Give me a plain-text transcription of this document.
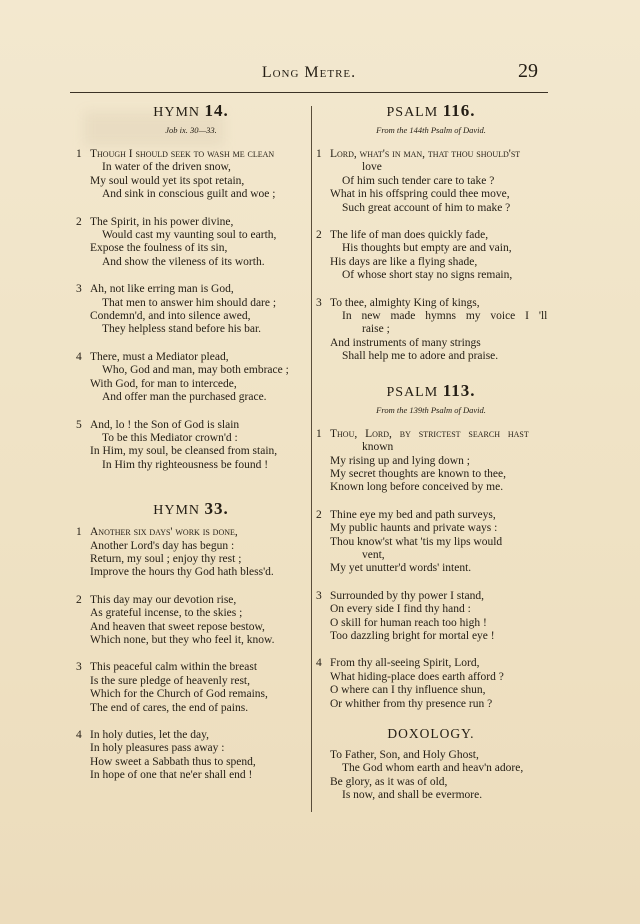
Long Metre.	29
HYMN 14.
Job ix. 30—33.
1 Though I should seek to wash me clean
In water of the driven snow,
My soul would yet its spot retain,
And sink in conscious guilt and woe ;
2 The Spirit, in his power divine,
Would cast my vaunting soul to earth,
Expose the foulness of its sin,
And show the vileness of its worth.
3 Ah, not like erring man is God,
That men to answer him should dare ;
Condemn'd, and into silence awed,
They helpless stand before his bar.
4 There, must a Mediator plead,
Who, God and man, may both embrace ;
With God, for man to intercede,
And offer man the purchased grace.
5 And, lo ! the Son of God is slain
To be this Mediator crown'd :
In Him, my soul, be cleansed from stain,
In Him thy righteousness be found !
HYMN 33.
1 Another six days' work is done,
Another Lord's day has begun :
Return, my soul ; enjoy thy rest ;
Improve the hours thy God hath bless'd.
2 This day may our devotion rise,
As grateful incense, to the skies ;
And heaven that sweet repose bestow,
Which none, but they who feel it, know.
3 This peaceful calm within the breast
Is the sure pledge of heavenly rest,
Which for the Church of God remains,
The end of cares, the end of pains.
4 In holy duties, let the day,
In holy pleasures pass away :
How sweet a Sabbath thus to spend,
In hope of one that ne'er shall end !
PSALM 116.
From the 144th Psalm of David.
1 Lord, what's in man, that thou should'st
love
Of him such tender care to take ?
What in his offspring could thee move,
Such great account of him to make ?
2 The life of man does quickly fade,
His thoughts but empty are and vain,
His days are like a flying shade,
Of whose short stay no signs remain,
3 To thee, almighty King of kings,
In new made hymns my voice I 'll
raise ;
And instruments of many strings
Shall help me to adore and praise.
PSALM 113.
From the 139th Psalm of David.
1 Thou, Lord, by strictest search hast
known
My rising up and lying down ;
My secret thoughts are known to thee,
Known long before conceived by me.
2 Thine eye my bed and path surveys,
My public haunts and private ways :
Thou know'st what 'tis my lips would
vent,
My yet unutter'd words' intent.
3 Surrounded by thy power I stand,
On every side I find thy hand :
O skill for human reach too high !
Too dazzling bright for mortal eye !
4 From thy all-seeing Spirit, Lord,
What hiding-place does earth afford ?
O where can I thy influence shun,
Or whither from thy presence run ?
DOXOLOGY.
To Father, Son, and Holy Ghost,
The God whom earth and heav'n adore,
Be glory, as it was of old,
Is now, and shall be evermore.
